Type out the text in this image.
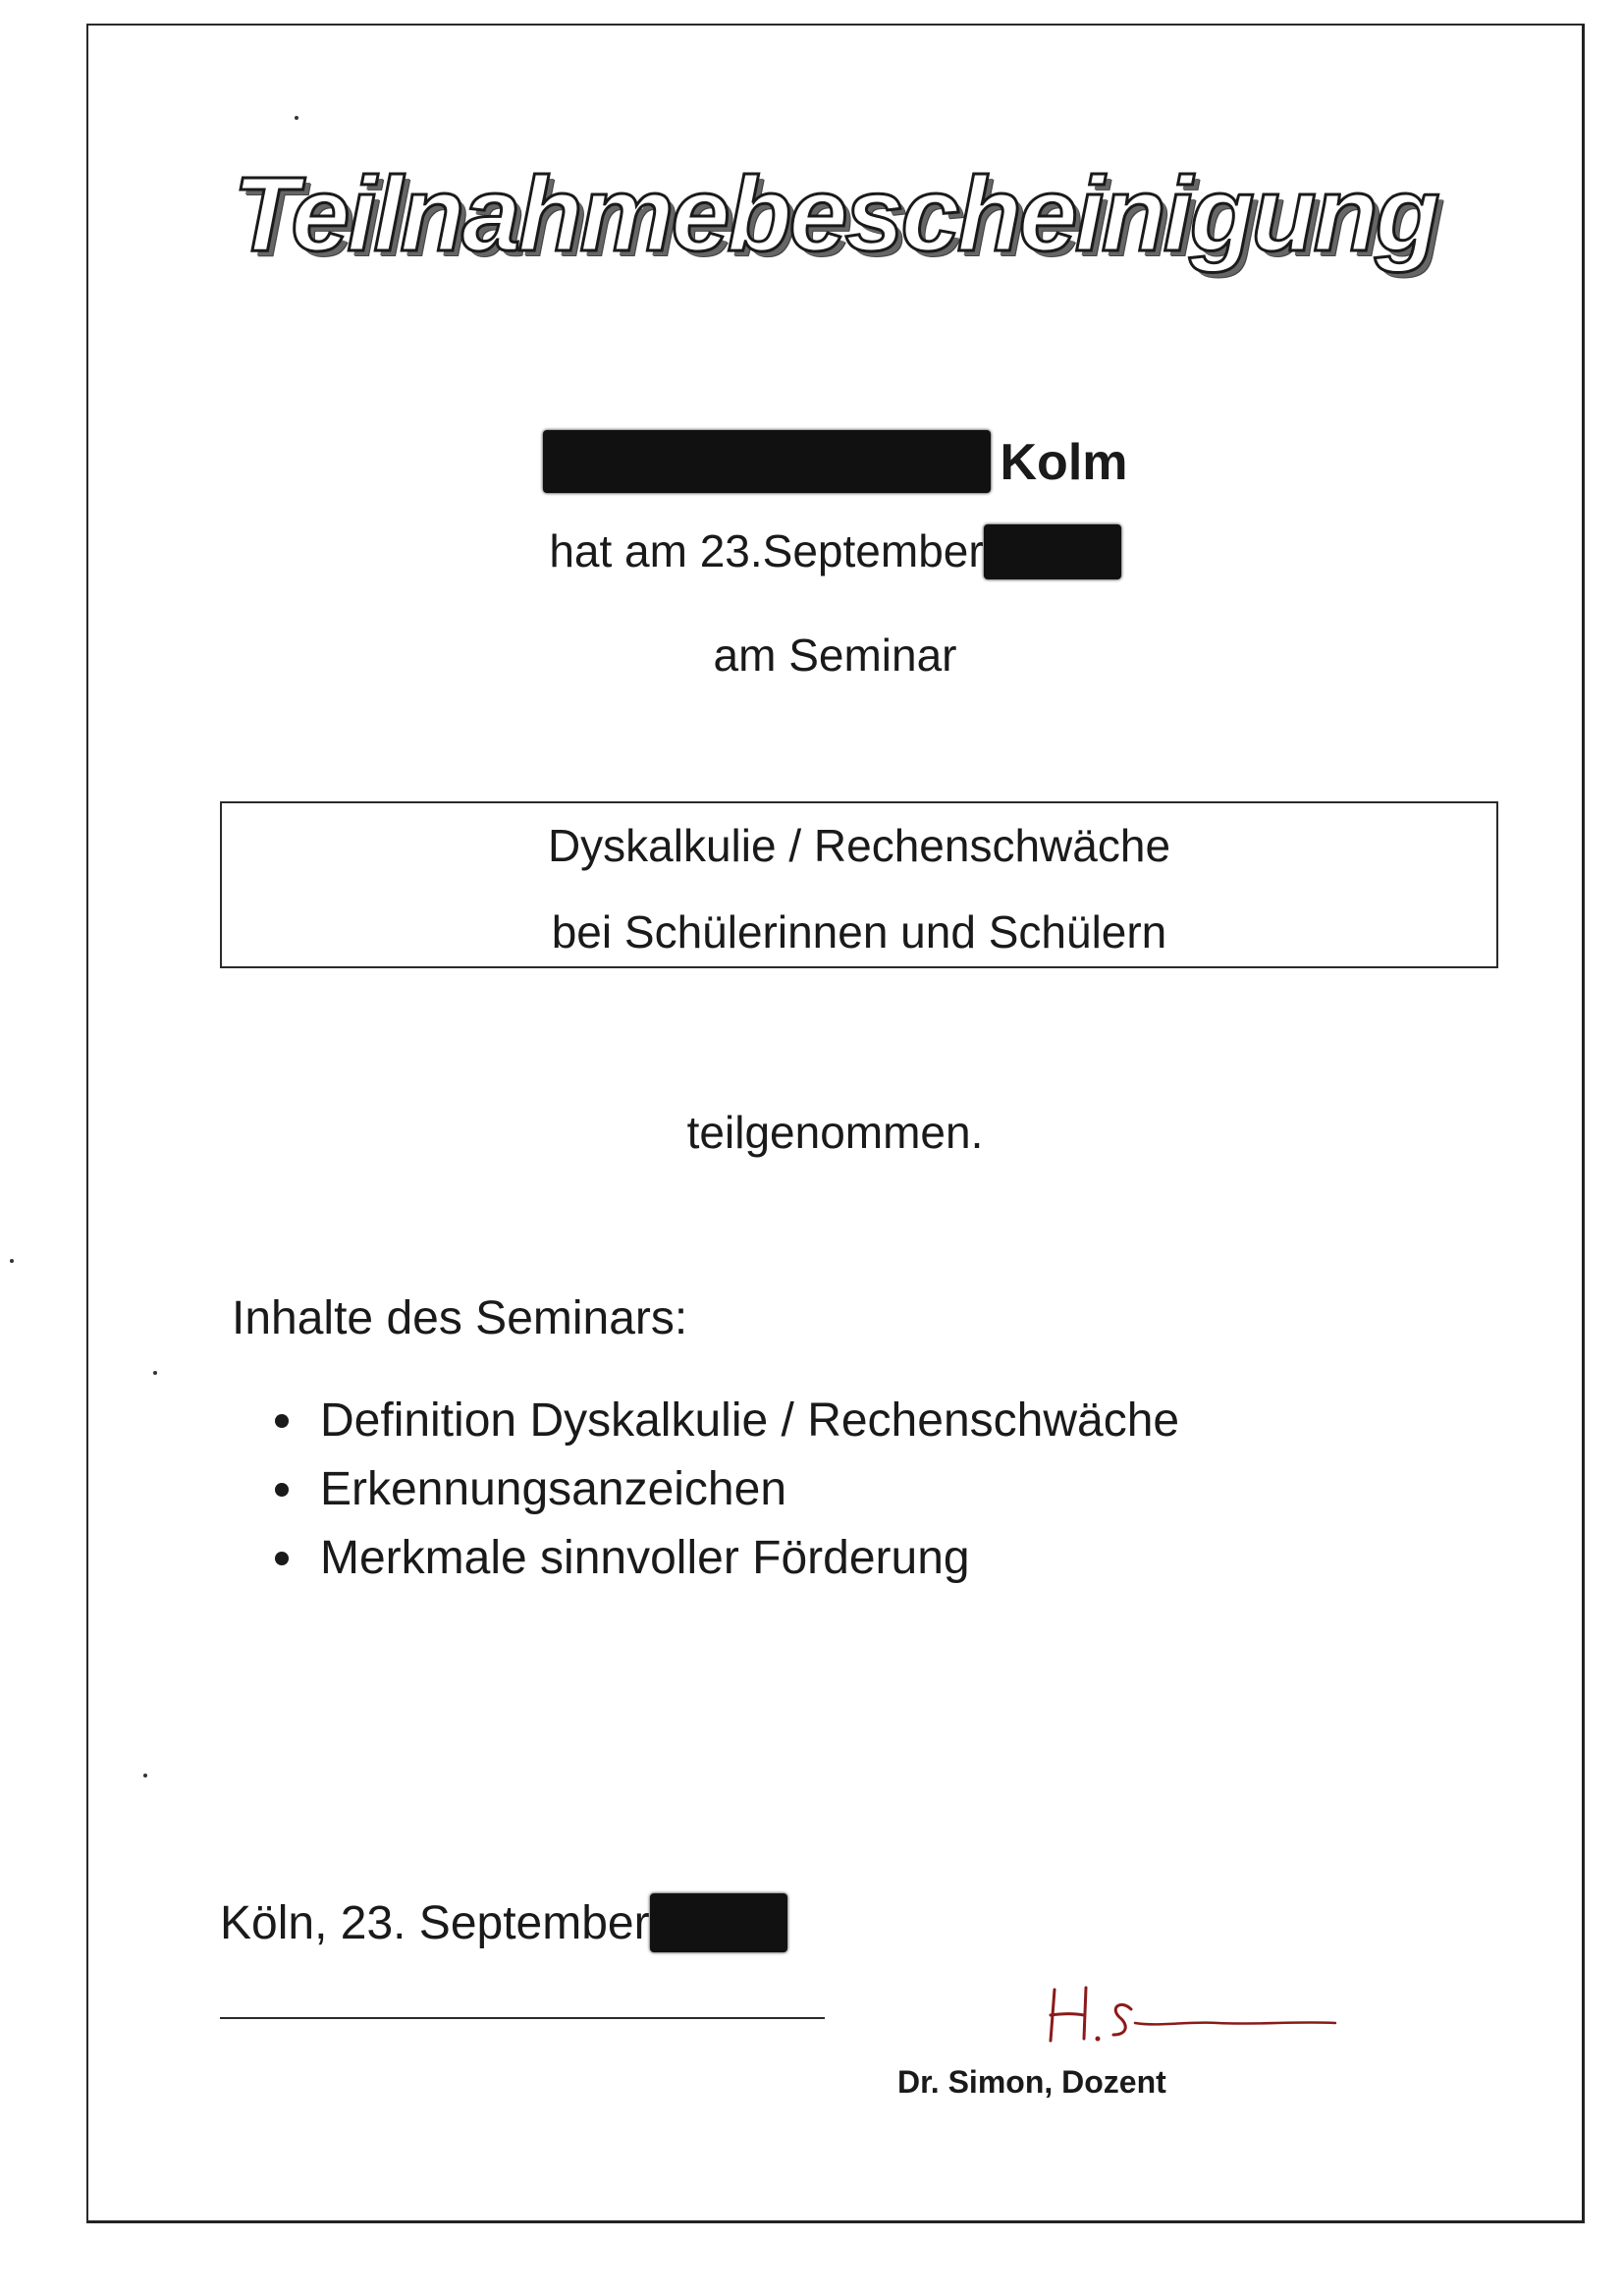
Teilnahmebescheinigung
Kolm
hat am 23.September
am Seminar
Dyskalkulie / Rechenschwäche
bei Schülerinnen und Schülern
teilgenommen.
Inhalte des Seminars:
Definition Dyskalkulie / Rechenschwäche
Erkennungsanzeichen
Merkmale sinnvoller Förderung
Köln, 23. September
Dr. Simon, Dozent
